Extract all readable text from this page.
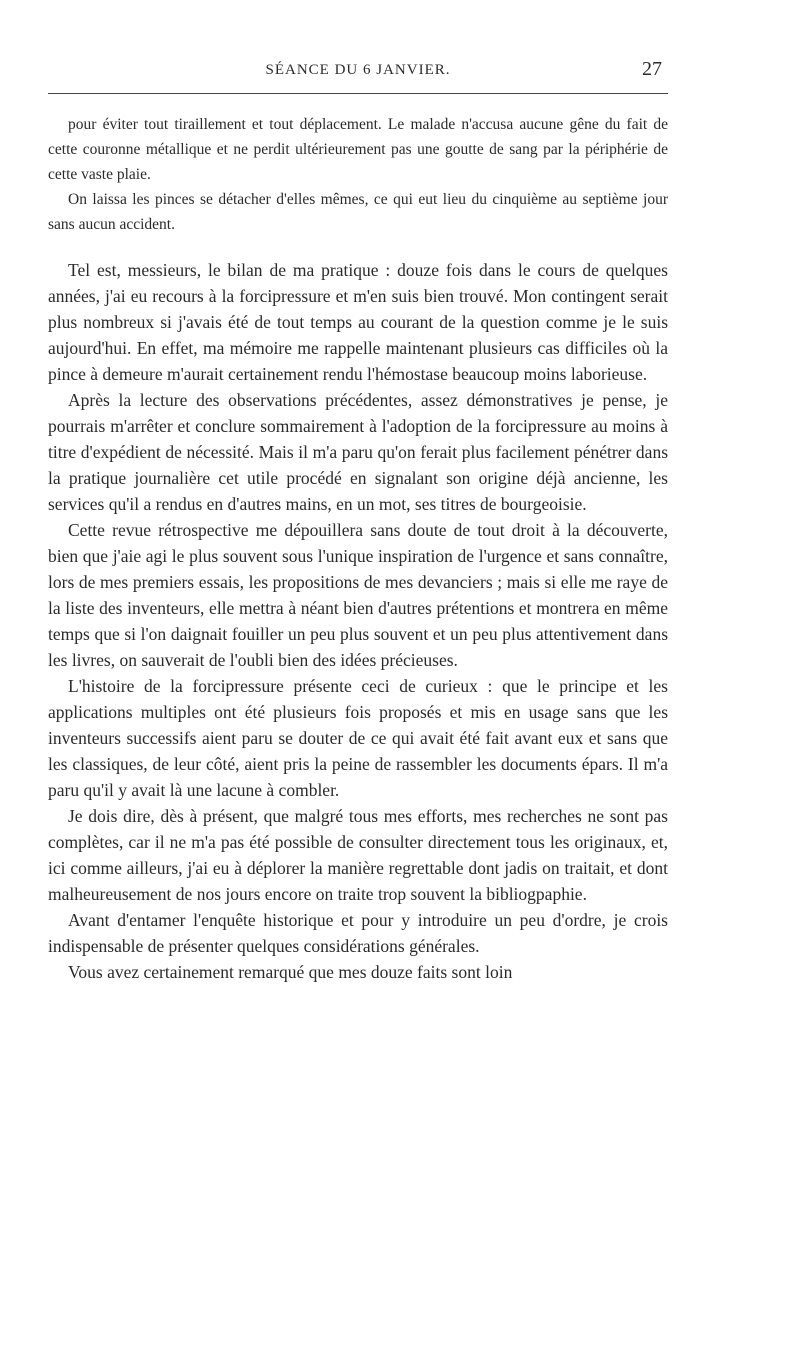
SÉANCE DU 6 JANVIER.	27

pour éviter tout tiraillement et tout déplacement. Le malade n'accusa aucune gêne du fait de cette couronne métallique et ne perdit ultérieurement pas une goutte de sang par la périphérie de cette vaste plaie.

On laissa les pinces se détacher d'elles mêmes, ce qui eut lieu du cinquième au septième jour sans aucun accident.

Tel est, messieurs, le bilan de ma pratique : douze fois dans le cours de quelques années, j'ai eu recours à la forcipressure et m'en suis bien trouvé. Mon contingent serait plus nombreux si j'avais été de tout temps au courant de la question comme je le suis aujourd'hui. En effet, ma mémoire me rappelle maintenant plusieurs cas difficiles où la pince à demeure m'aurait certainement rendu l'hémostase beaucoup moins laborieuse.

Après la lecture des observations précédentes, assez démonstratives je pense, je pourrais m'arrêter et conclure sommairement à l'adoption de la forcipressure au moins à titre d'expédient de nécessité. Mais il m'a paru qu'on ferait plus facilement pénétrer dans la pratique journalière cet utile procédé en signalant son origine déjà ancienne, les services qu'il a rendus en d'autres mains, en un mot, ses titres de bourgeoisie.

Cette revue rétrospective me dépouillera sans doute de tout droit à la découverte, bien que j'aie agi le plus souvent sous l'unique inspiration de l'urgence et sans connaître, lors de mes premiers essais, les propositions de mes devanciers ; mais si elle me raye de la liste des inventeurs, elle mettra à néant bien d'autres prétentions et montrera en même temps que si l'on daignait fouiller un peu plus souvent et un peu plus attentivement dans les livres, on sauverait de l'oubli bien des idées précieuses.

L'histoire de la forcipressure présente ceci de curieux : que le principe et les applications multiples ont été plusieurs fois proposés et mis en usage sans que les inventeurs successifs aient paru se douter de ce qui avait été fait avant eux et sans que les classiques, de leur côté, aient pris la peine de rassembler les documents épars. Il m'a paru qu'il y avait là une lacune à combler.

Je dois dire, dès à présent, que malgré tous mes efforts, mes recherches ne sont pas complètes, car il ne m'a pas été possible de consulter directement tous les originaux, et, ici comme ailleurs, j'ai eu à déplorer la manière regrettable dont jadis on traitait, et dont malheureusement de nos jours encore on traite trop souvent la bibliogpaphie.

Avant d'entamer l'enquête historique et pour y introduire un peu d'ordre, je crois indispensable de présenter quelques considérations générales.

Vous avez certainement remarqué que mes douze faits sont loin
